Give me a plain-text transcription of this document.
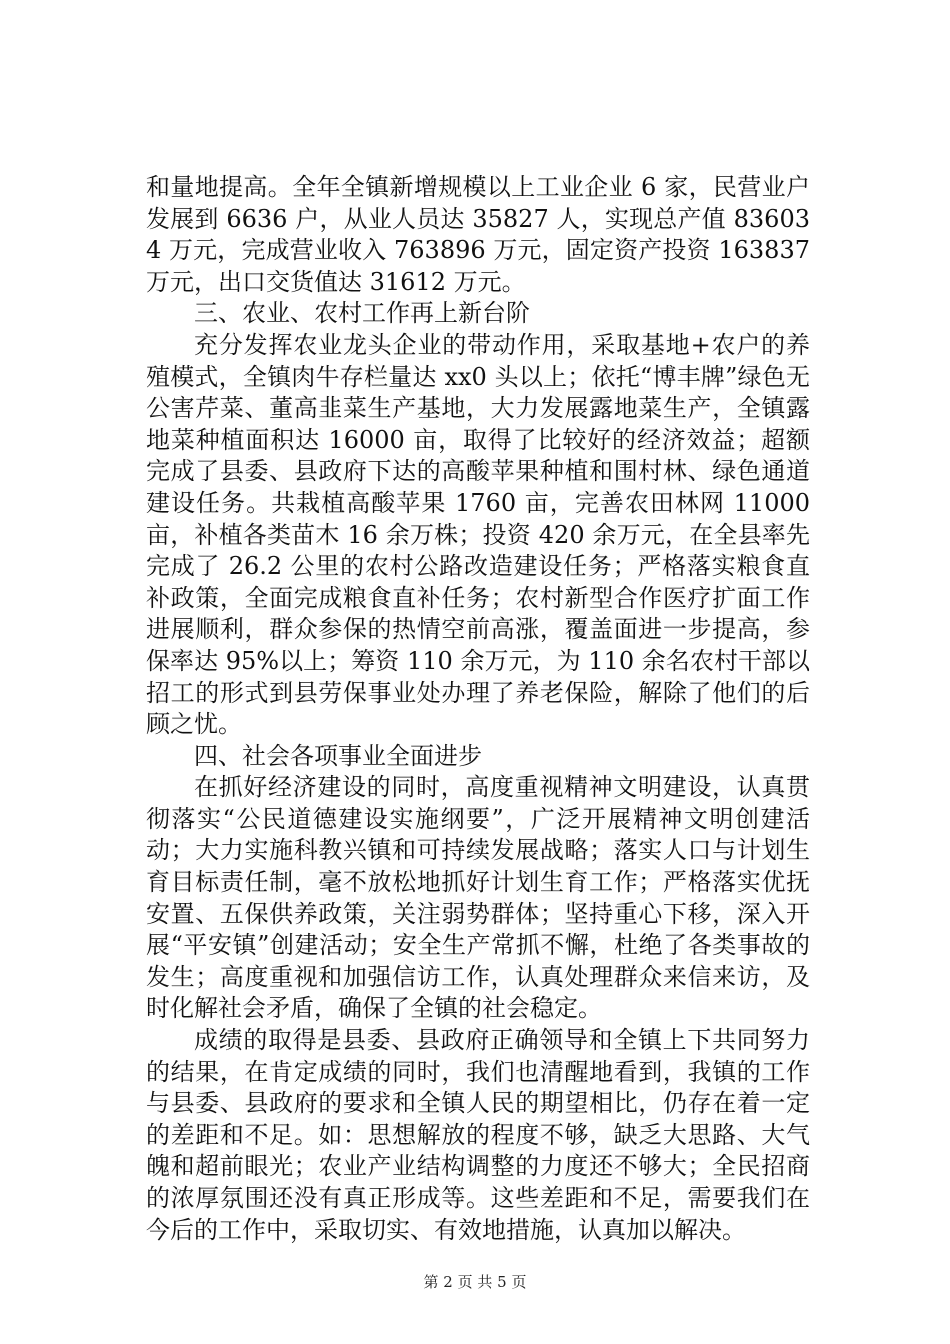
和量地提高。全年全镇新增规模以上工业企业 6 家，民营业户发展到 6636 户，从业人员达 35827 人，实现总产值 836034 万元，完成营业收入 763896 万元，固定资产投资 163837 万元，出口交货值达 31612 万元。

三、农业、农村工作再上新台阶

充分发挥农业龙头企业的带动作用，采取基地+农户的养殖模式，全镇肉牛存栏量达 xx0 头以上；依托“博丰牌”绿色无公害芹菜、董高韭菜生产基地，大力发展露地菜生产，全镇露地菜种植面积达 16000 亩，取得了比较好的经济效益；超额完成了县委、县政府下达的高酸苹果种植和围村林、绿色通道建设任务。共栽植高酸苹果 1760 亩，完善农田林网 11000 亩，补植各类苗木 16 余万株；投资 420 余万元，在全县率先完成了 26.2 公里的农村公路改造建设任务；严格落实粮食直补政策，全面完成粮食直补任务；农村新型合作医疗扩面工作进展顺利，群众参保的热情空前高涨，覆盖面进一步提高，参保率达 95%以上；筹资 110 余万元，为 110 余名农村干部以招工的形式到县劳保事业处办理了养老保险，解除了他们的后顾之忧。

四、社会各项事业全面进步

在抓好经济建设的同时，高度重视精神文明建设，认真贯彻落实“公民道德建设实施纲要”，广泛开展精神文明创建活动；大力实施科教兴镇和可持续发展战略；落实人口与计划生育目标责任制，毫不放松地抓好计划生育工作；严格落实优抚安置、五保供养政策，关注弱势群体；坚持重心下移，深入开展“平安镇”创建活动；安全生产常抓不懈，杜绝了各类事故的发生；高度重视和加强信访工作，认真处理群众来信来访，及时化解社会矛盾，确保了全镇的社会稳定。

成绩的取得是县委、县政府正确领导和全镇上下共同努力的结果，在肯定成绩的同时，我们也清醒地看到，我镇的工作与县委、县政府的要求和全镇人民的期望相比，仍存在着一定的差距和不足。如：思想解放的程度不够，缺乏大思路、大气魄和超前眼光；农业产业结构调整的力度还不够大；全民招商的浓厚氛围还没有真正形成等。这些差距和不足，需要我们在今后的工作中，采取切实、有效地措施，认真加以解决。

第 2 页 共 5 页
